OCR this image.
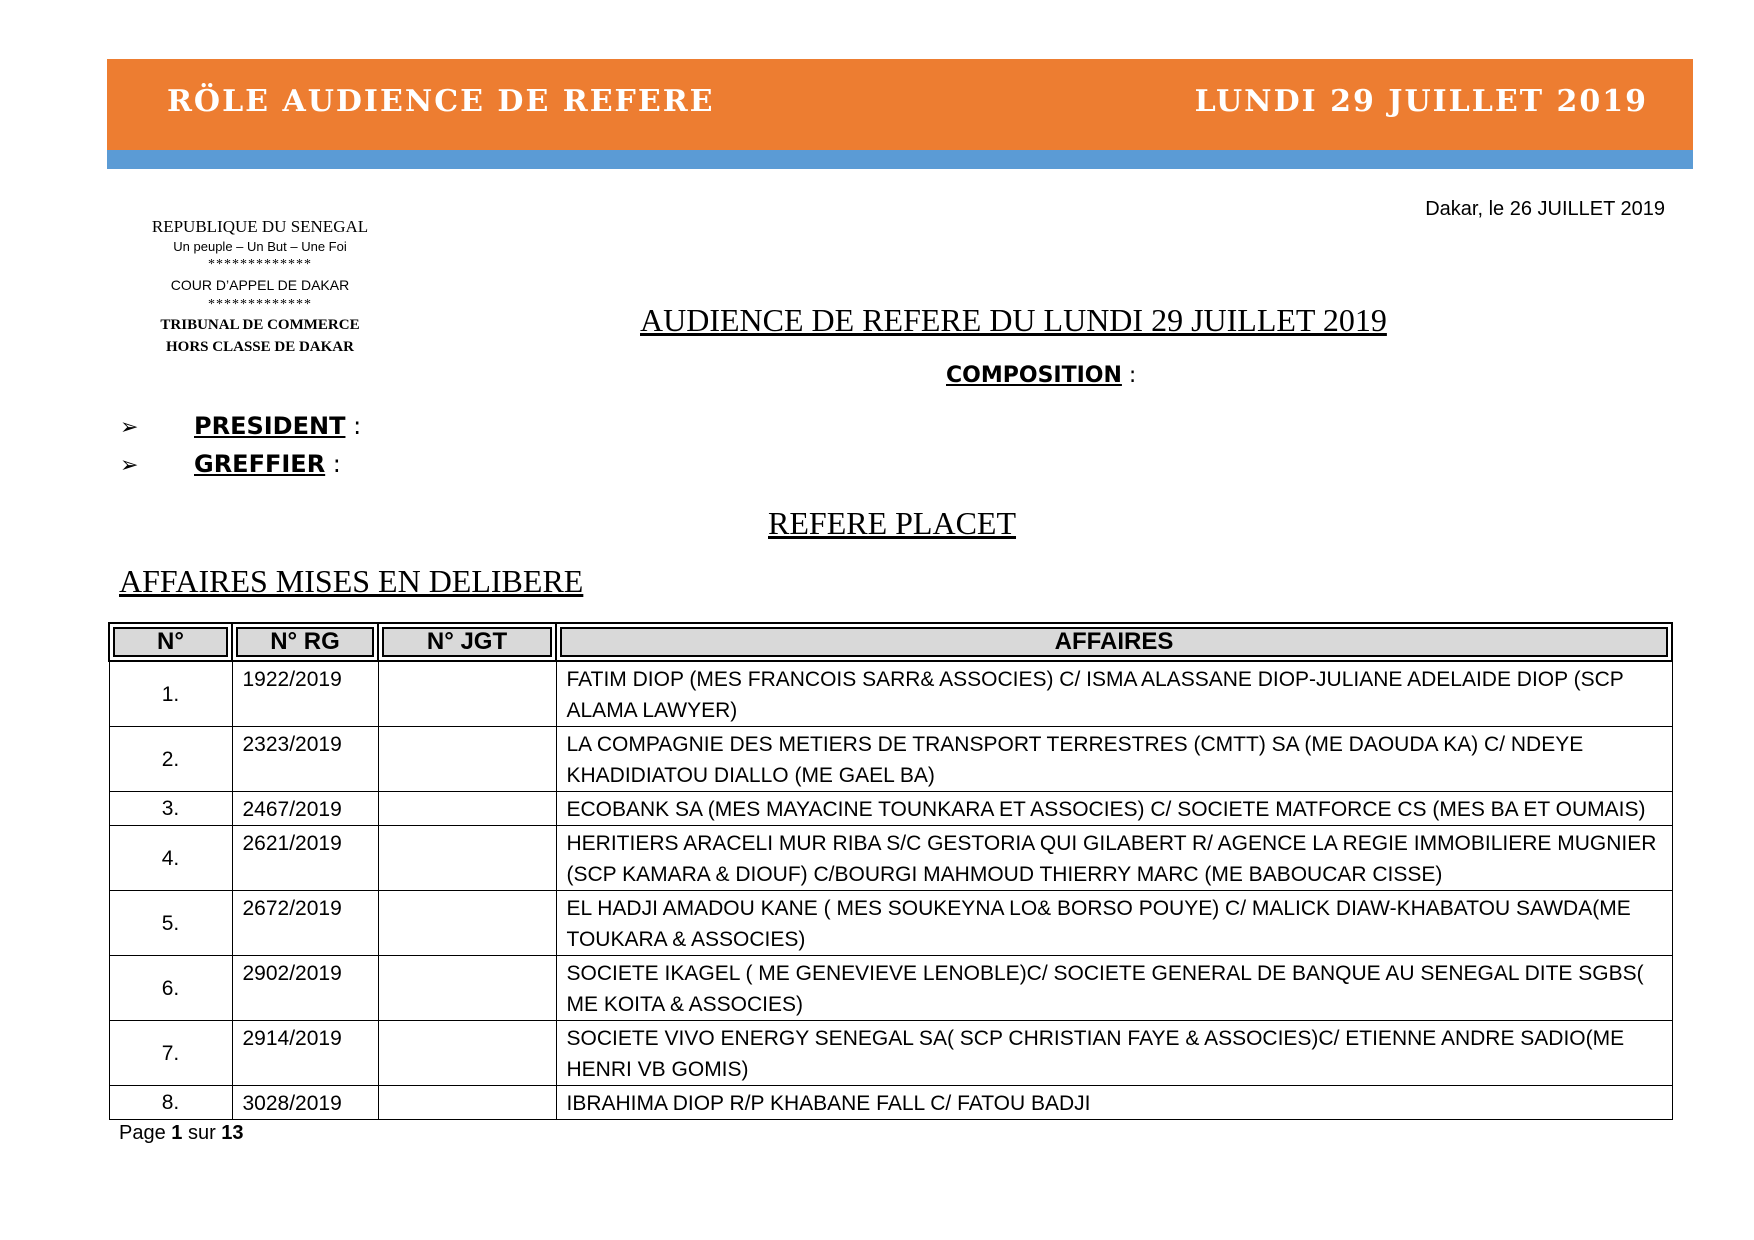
RÖLE AUDIENCE DE REFERE	LUNDI 29 JUILLET 2019
Dakar, le 26 JUILLET 2019
REPUBLIQUE DU SENEGAL
Un peuple – Un But – Une Foi
*************
COUR D’APPEL DE DAKAR
*************
TRIBUNAL DE COMMERCE
HORS CLASSE DE DAKAR
AUDIENCE DE REFERE DU LUNDI 29 JUILLET 2019
COMPOSITION :
➢ PRESIDENT :
➢ GREFFIER :
REFERE PLACET
AFFAIRES MISES EN DELIBERE
N°	N° RG	N° JGT	AFFAIRES
1.	1922/2019		FATIM DIOP (MES FRANCOIS SARR& ASSOCIES) C/ ISMA ALASSANE DIOP-JULIANE ADELAIDE DIOP (SCP ALAMA LAWYER)
2.	2323/2019		LA COMPAGNIE DES METIERS DE TRANSPORT TERRESTRES (CMTT) SA (ME DAOUDA KA) C/ NDEYE KHADIDIATOU DIALLO (ME GAEL BA)
3.	2467/2019		ECOBANK SA (MES MAYACINE TOUNKARA ET ASSOCIES) C/ SOCIETE MATFORCE CS (MES BA ET OUMAIS)
4.	2621/2019		HERITIERS ARACELI MUR RIBA S/C GESTORIA QUI GILABERT R/ AGENCE LA REGIE IMMOBILIERE MUGNIER (SCP KAMARA & DIOUF) C/BOURGI MAHMOUD THIERRY MARC (ME BABOUCAR CISSE)
5.	2672/2019		EL HADJI AMADOU KANE ( MES SOUKEYNA LO& BORSO POUYE) C/ MALICK DIAW-KHABATOU SAWDA(ME TOUKARA & ASSOCIES)
6.	2902/2019		SOCIETE IKAGEL ( ME GENEVIEVE LENOBLE)C/ SOCIETE GENERAL DE BANQUE AU SENEGAL DITE SGBS( ME KOITA & ASSOCIES)
7.	2914/2019		SOCIETE VIVO ENERGY SENEGAL SA( SCP CHRISTIAN FAYE & ASSOCIES)C/ ETIENNE ANDRE SADIO(ME HENRI VB GOMIS)
8.	3028/2019		IBRAHIMA DIOP R/P KHABANE FALL C/ FATOU BADJI
Page 1 sur 13
